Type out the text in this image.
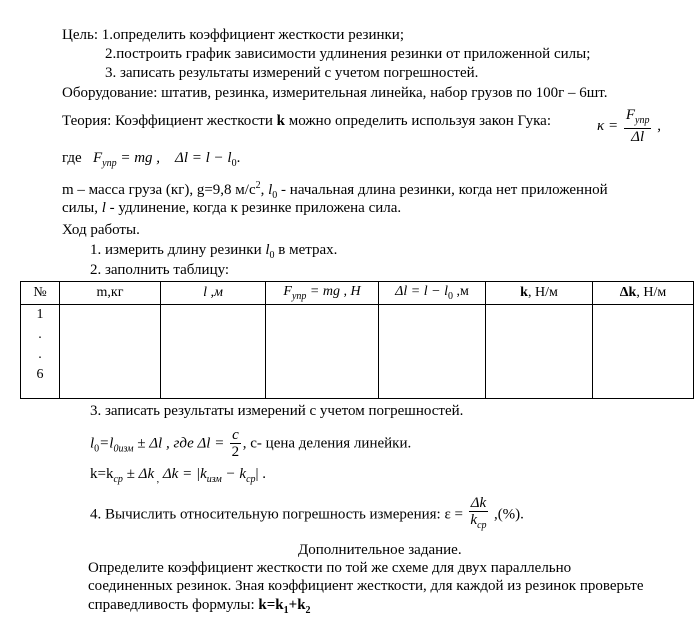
Цель: 1.определить коэффициент жесткости резинки;
2.построить график зависимости удлинения резинки от приложенной силы;
3. записать результаты измерений с учетом погрешностей.
Оборудование: штатив, резинка, измерительная линейка, набор грузов по 100г – 6шт.
Теория: Коэффициент жесткости k можно определить используя закон Гука:	$\kappa = \frac{F_{упр}}{\Delta l}$ ,
где $F_{упр}$ = mg , $\Delta l = l - l_0$.
m – масса груза (кг), g=9,8 $м/с^2$, $l_0$ - начальная длина резинки, когда нет приложенной
силы, l - удлинение, когда к резинке приложена сила.
Ход работы.
1. измерить длину резинки $l_0$ в метрах.
2. заполнить таблицу:
№	m,кг	l ,м	$F_{упр}$ = mg , Н	$\Delta l = l - l_0$ ,м	k, Н/м	Δk, Н/м

1
.
.
6						

3. записать результаты измерений с учетом погрешностей.
$l_0=l_{0изм} \pm \Delta l$ , где $\Delta l = \frac{c}{2}$ , с- цена деления линейки.
$k=k_{ср} \pm \Delta k$ $_,$ $\Delta k = |k_{изм} - k_{ср}|$ .
4. Вычислить относительную погрешность измерения: $\varepsilon = \frac{\Delta k}{k_{ср}}$ ,(%).
Дополнительное задание.
Определите коэффициент жесткости по той же схеме для двух параллельно
соединенных резинок. Зная коэффициент жесткости, для каждой из резинок проверьте
справедливость формулы: $k=k_1+k_2$
